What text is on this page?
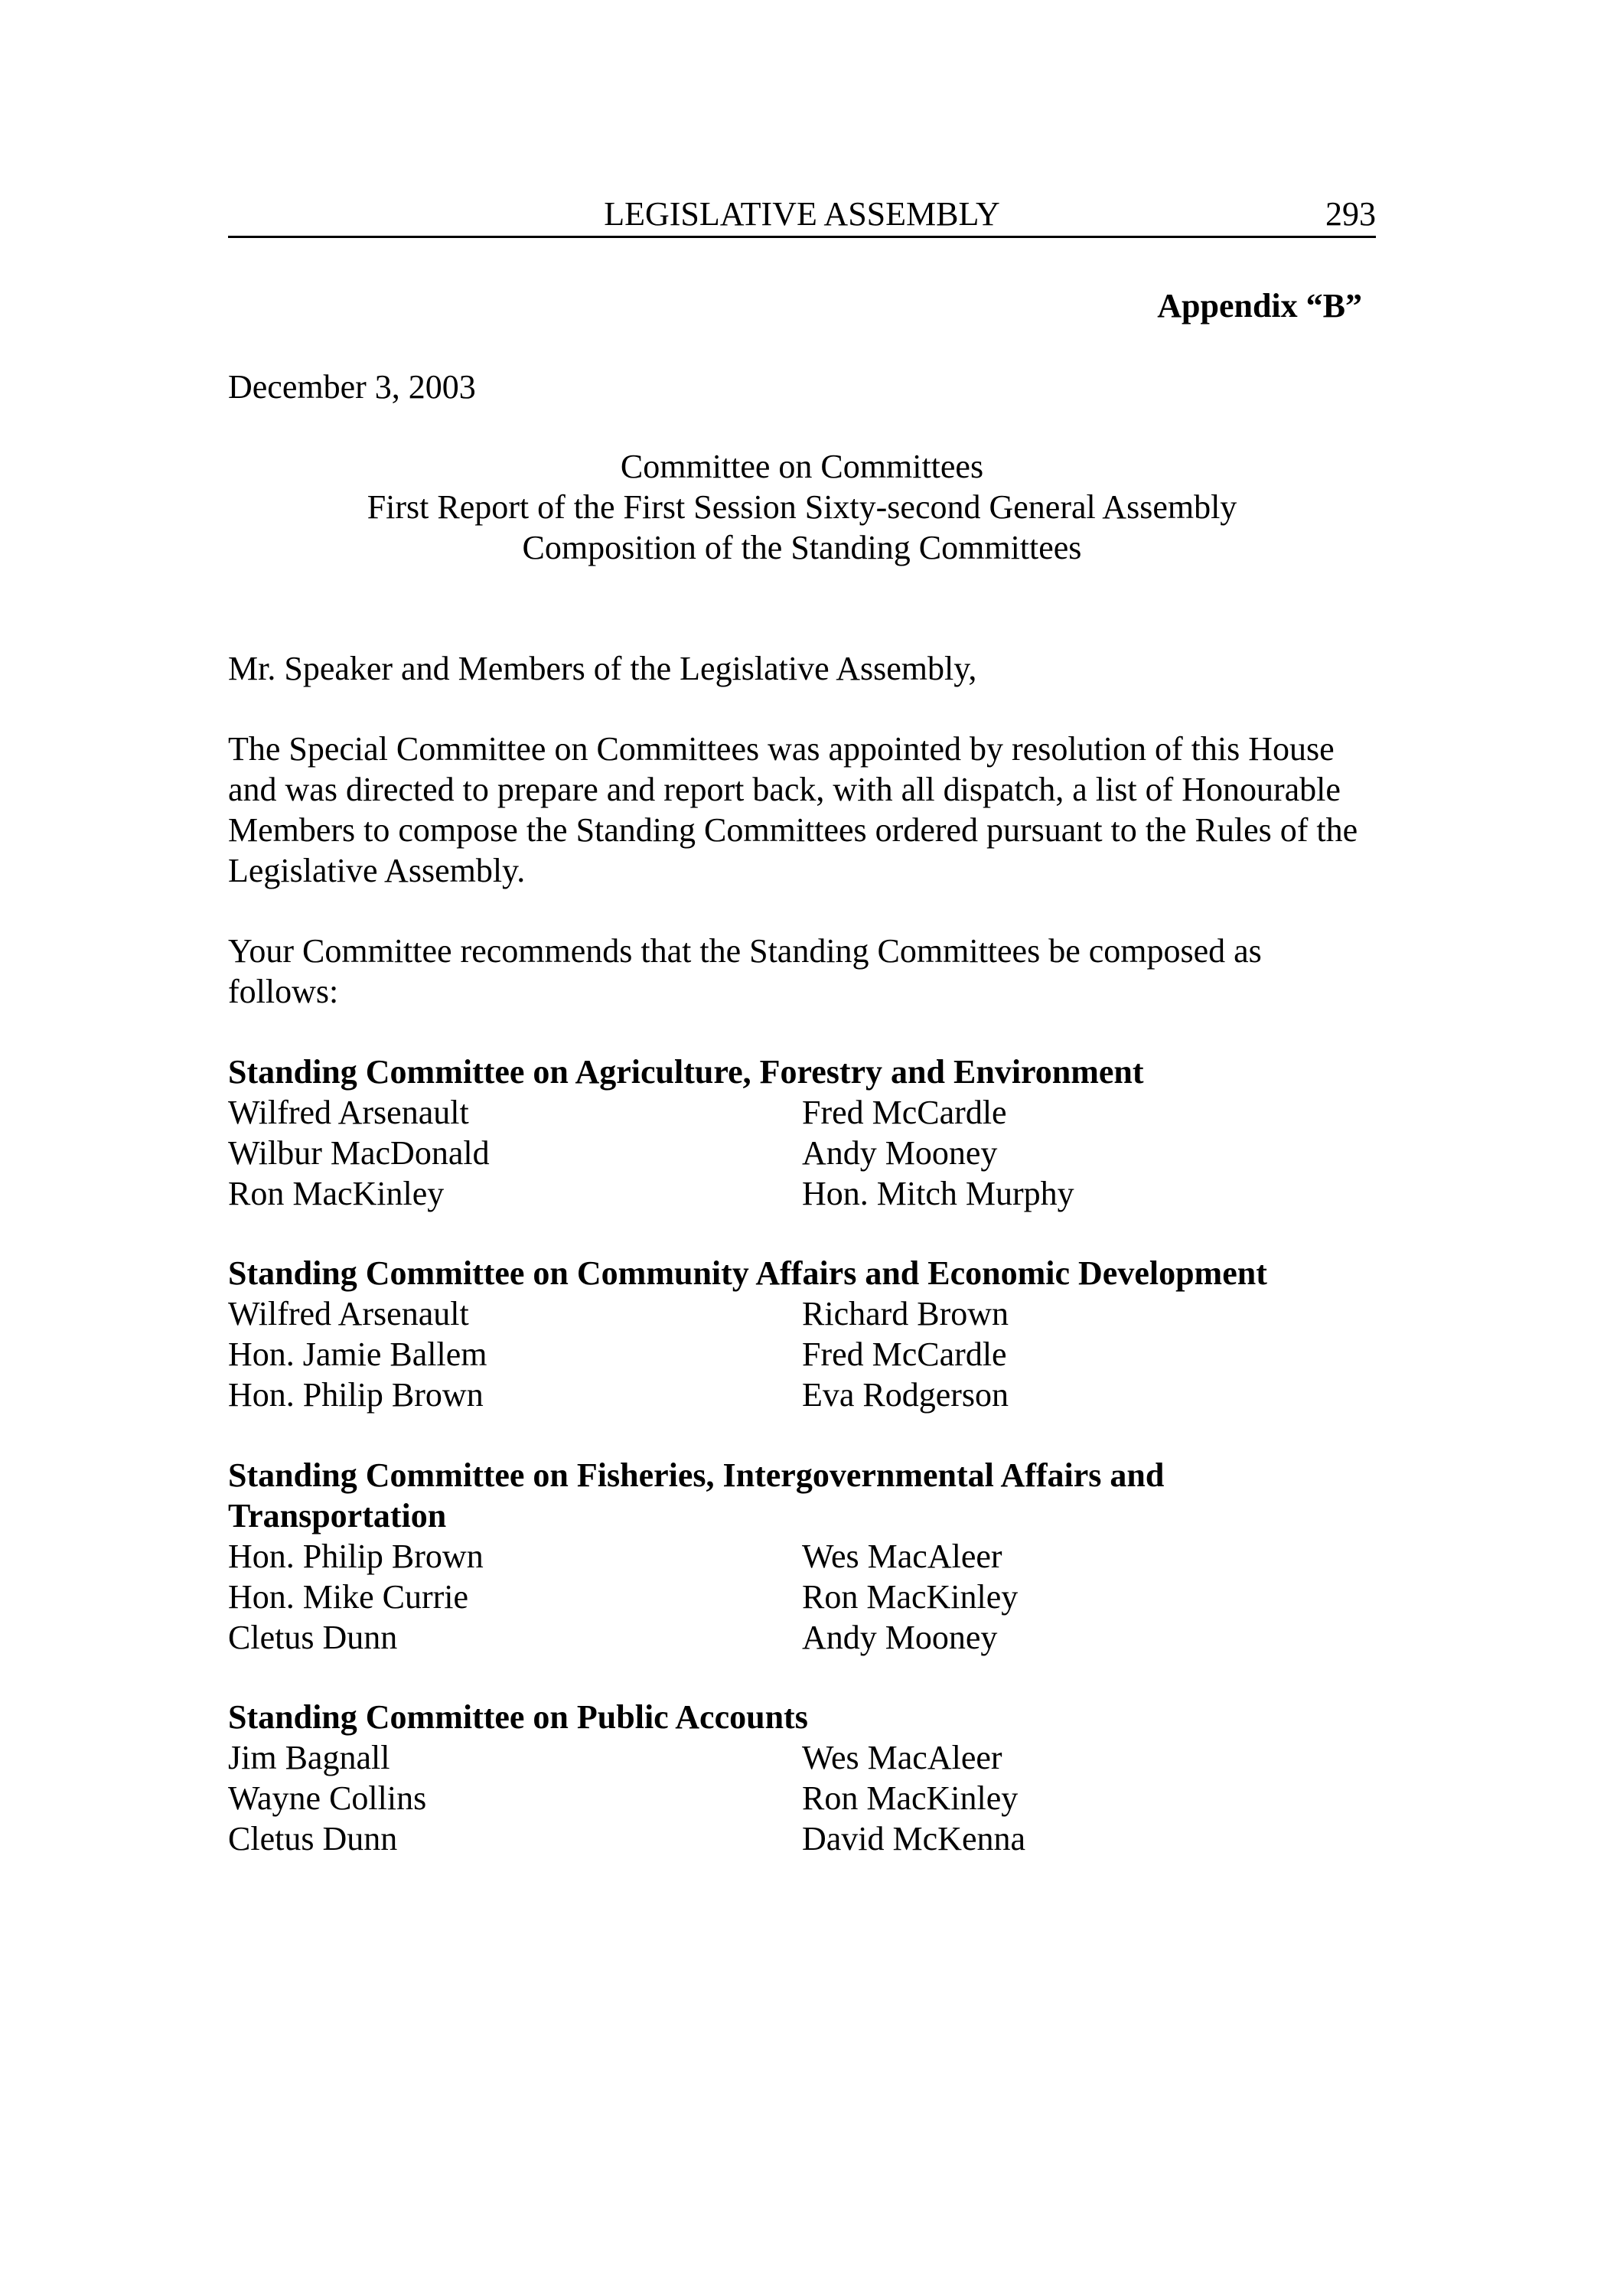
LEGISLATIVE ASSEMBLY	293
Appendix “B”
December 3, 2003
Committee on Committees
First Report of the First Session Sixty-second General Assembly
Composition of the Standing Committees
Mr. Speaker and Members of the Legislative Assembly,

The Special Committee on Committees was appointed by resolution of this House and was directed to prepare and report back, with all dispatch, a list of Honourable Members to compose the Standing Committees ordered pursuant to the Rules of the Legislative Assembly.

Your Committee recommends that the Standing Committees be composed as follows:

Standing Committee on Agriculture, Forestry and Environment
Wilfred Arsenault	Fred McCardle
Wilbur MacDonald	Andy Mooney
Ron MacKinley	Hon. Mitch Murphy
Standing Committee on Community Affairs and Economic Development
Wilfred Arsenault	Richard Brown
Hon. Jamie Ballem	Fred McCardle
Hon. Philip Brown	Eva Rodgerson
Standing Committee on Fisheries, Intergovernmental Affairs and Transportation
Hon. Philip Brown	Wes MacAleer
Hon. Mike Currie	Ron MacKinley
Cletus Dunn	Andy Mooney
Standing Committee on Public Accounts
Jim Bagnall	Wes MacAleer
Wayne Collins	Ron MacKinley
Cletus Dunn	David McKenna
